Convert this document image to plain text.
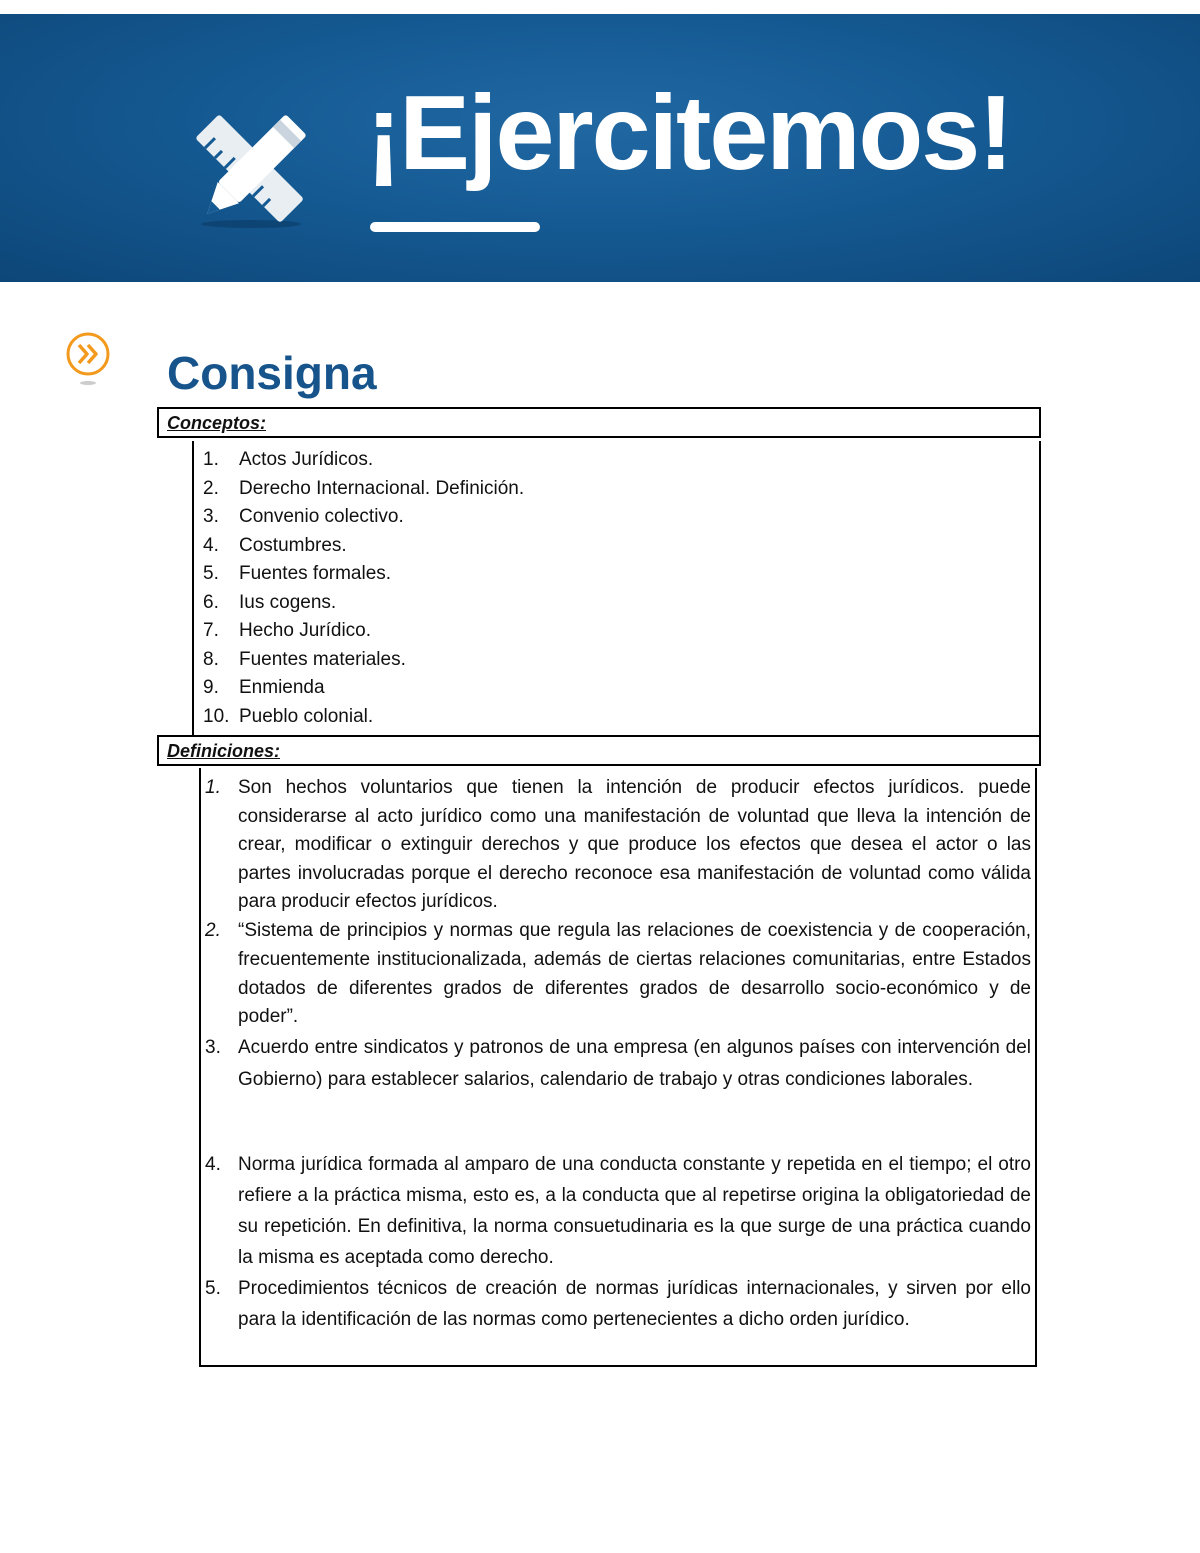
¡Ejercitemos!
Consigna
Conceptos:
1. Actos Jurídicos.
2. Derecho Internacional. Definición.
3. Convenio colectivo.
4. Costumbres.
5. Fuentes formales.
6. Ius cogens.
7. Hecho Jurídico.
8. Fuentes materiales.
9. Enmienda
10. Pueblo colonial.
Definiciones:
1. Son hechos voluntarios que tienen la intención de producir efectos jurídicos. puede considerarse al acto jurídico como una manifestación de voluntad que lleva la intención de crear, modificar o extinguir derechos y que produce los efectos que desea el actor o las partes involucradas porque el derecho reconoce esa manifestación de voluntad como válida para producir efectos jurídicos.
2. “Sistema de principios y normas que regula las relaciones de coexistencia y de cooperación, frecuentemente institucionalizada, además de ciertas relaciones comunitarias, entre Estados dotados de diferentes grados de diferentes grados de desarrollo socio-económico y de poder”.
3. Acuerdo entre sindicatos y patronos de una empresa (en algunos países con intervención del Gobierno) para establecer salarios, calendario de trabajo y otras condiciones laborales.
4. Norma jurídica formada al amparo de una conducta constante y repetida en el tiempo; el otro refiere a la práctica misma, esto es, a la conducta que al repetirse origina la obligatoriedad de su repetición. En definitiva, la norma consuetudinaria es la que surge de una práctica cuando la misma es aceptada como derecho.
5. Procedimientos técnicos de creación de normas jurídicas internacionales, y sirven por ello para la identificación de las normas como pertenecientes a dicho orden jurídico.
